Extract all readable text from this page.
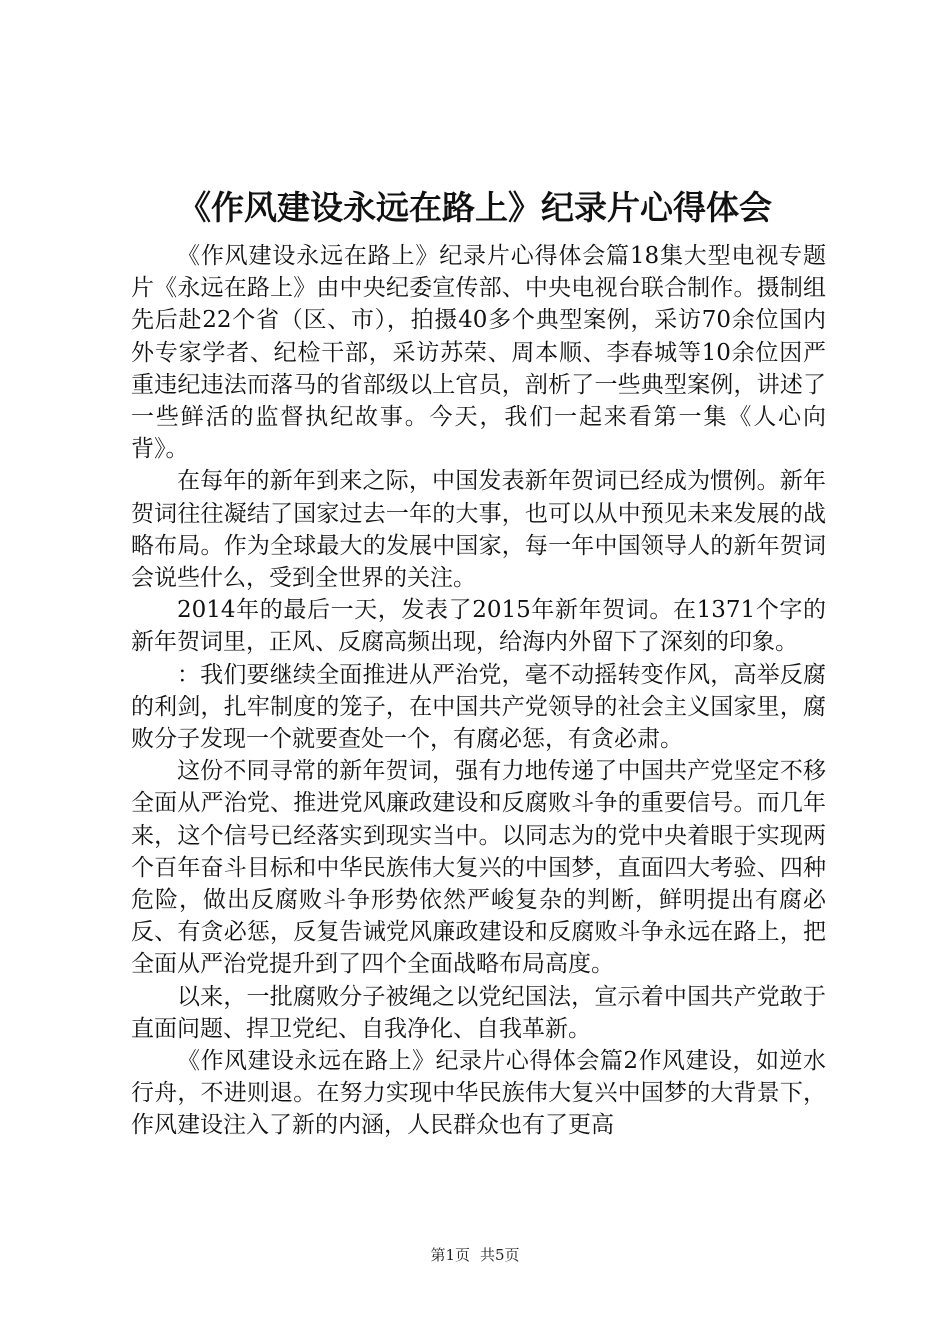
《作风建设永远在路上》纪录片心得体会

《作风建设永远在路上》纪录片心得体会篇18集大型电视专题片《永远在路上》由中央纪委宣传部、中央电视台联合制作。摄制组先后赴22个省（区、市），拍摄40多个典型案例，采访70余位国内外专家学者、纪检干部，采访苏荣、周本顺、李春城等10余位因严重违纪违法而落马的省部级以上官员，剖析了一些典型案例，讲述了一些鲜活的监督执纪故事。今天，我们一起来看第一集《人心向背》。

在每年的新年到来之际，中国发表新年贺词已经成为惯例。新年贺词往往凝结了国家过去一年的大事，也可以从中预见未来发展的战略布局。作为全球最大的发展中国家，每一年中国领导人的新年贺词会说些什么，受到全世界的关注。

2014年的最后一天，发表了2015年新年贺词。在1371个字的新年贺词里，正风、反腐高频出现，给海内外留下了深刻的印象。

：我们要继续全面推进从严治党，毫不动摇转变作风，高举反腐的利剑，扎牢制度的笼子，在中国共产党领导的社会主义国家里，腐败分子发现一个就要查处一个，有腐必惩，有贪必肃。

这份不同寻常的新年贺词，强有力地传递了中国共产党坚定不移全面从严治党、推进党风廉政建设和反腐败斗争的重要信号。而几年来，这个信号已经落实到现实当中。以同志为的党中央着眼于实现两个百年奋斗目标和中华民族伟大复兴的中国梦，直面四大考验、四种危险，做出反腐败斗争形势依然严峻复杂的判断，鲜明提出有腐必反、有贪必惩，反复告诫党风廉政建设和反腐败斗争永远在路上，把全面从严治党提升到了四个全面战略布局高度。

以来，一批腐败分子被绳之以党纪国法，宣示着中国共产党敢于直面问题、捍卫党纪、自我净化、自我革新。

《作风建设永远在路上》纪录片心得体会篇2作风建设，如逆水行舟，不进则退。在努力实现中华民族伟大复兴中国梦的大背景下，作风建设注入了新的内涵，人民群众也有了更高

第1页 共5页
